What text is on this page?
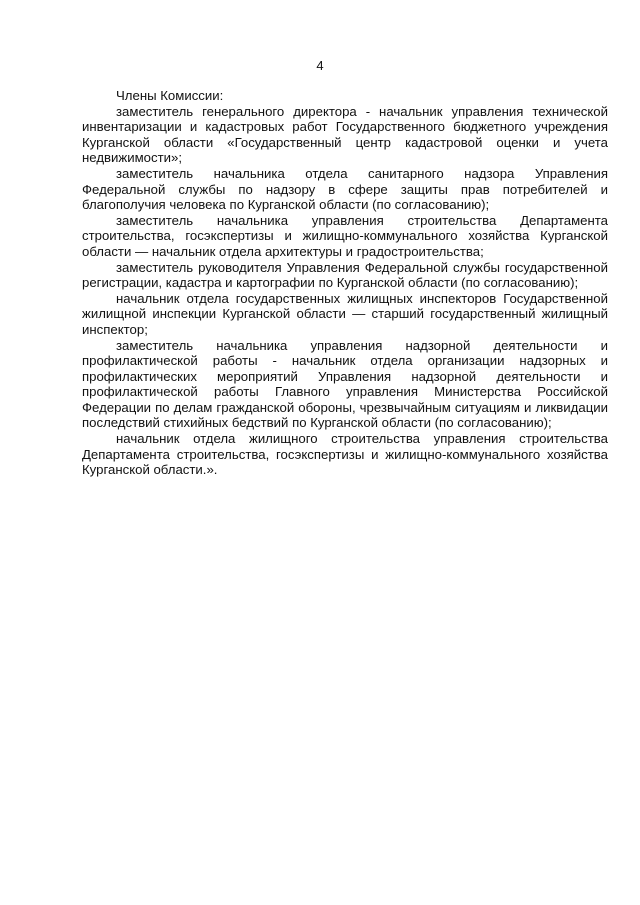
4

Члены Комиссии:

заместитель генерального директора - начальник управления технической инвентаризации и кадастровых работ Государственного бюджетного учреждения Курганской области «Государственный центр кадастровой оценки и учета недвижимости»;

заместитель начальника отдела санитарного надзора Управления Федеральной службы по надзору в сфере защиты прав потребителей и благополучия человека по Курганской области (по согласованию);

заместитель начальника управления строительства Департамента строительства, госэкспертизы и жилищно-коммунального хозяйства Курганской области — начальник отдела архитектуры и градостроительства;

заместитель руководителя Управления Федеральной службы государственной регистрации, кадастра и картографии по Курганской области (по согласованию);

начальник отдела государственных жилищных инспекторов Государственной жилищной инспекции Курганской области — старший государственный жилищный инспектор;

заместитель начальника управления надзорной деятельности и профилактической работы - начальник отдела организации надзорных и профилактических мероприятий Управления надзорной деятельности и профилактической работы Главного управления Министерства Российской Федерации по делам гражданской обороны, чрезвычайным ситуациям и ликвидации последствий стихийных бедствий по Курганской области (по согласованию);

начальник отдела жилищного строительства управления строительства Департамента строительства, госэкспертизы и жилищно-коммунального хозяйства Курганской области.».
